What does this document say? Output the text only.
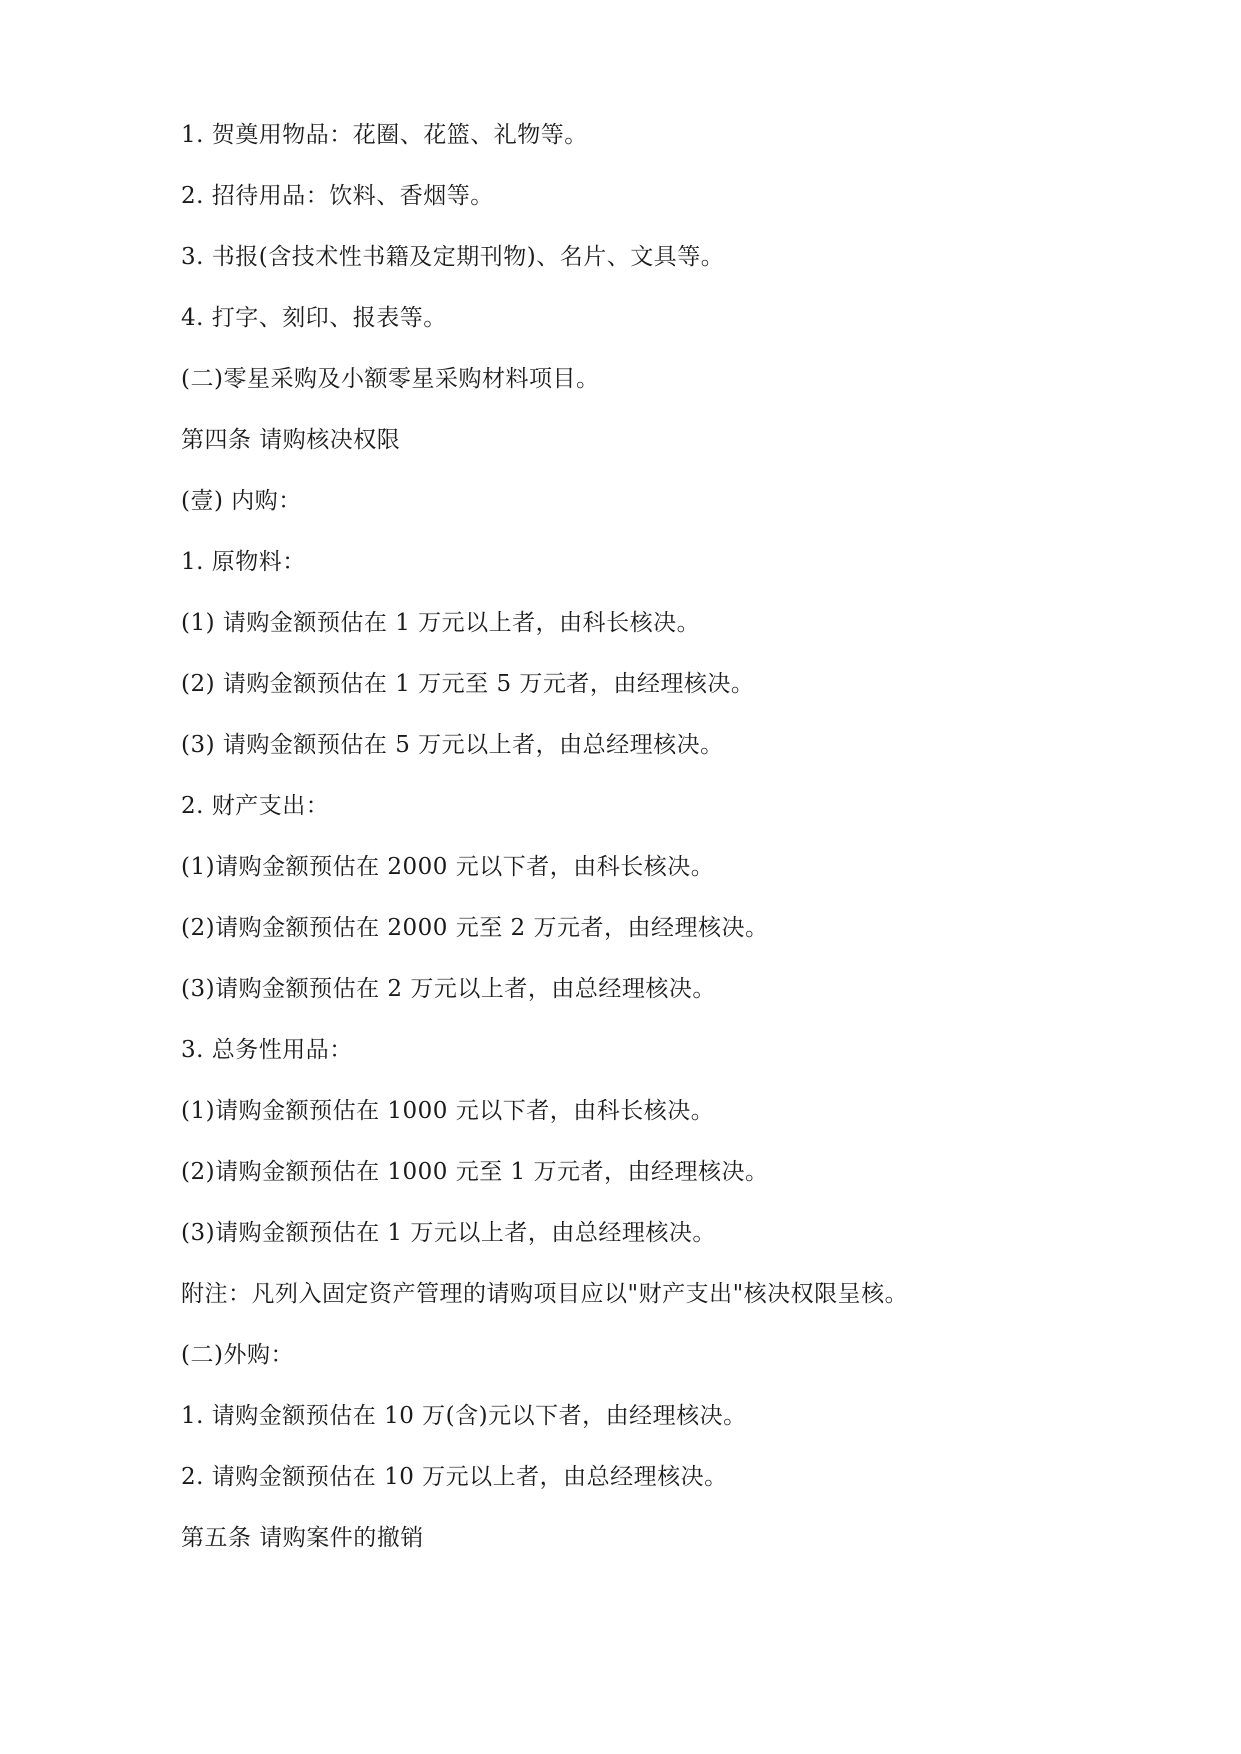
1. 贺奠用物品：花圈、花篮、礼物等。
2. 招待用品：饮料、香烟等。
3. 书报(含技术性书籍及定期刊物)、名片、文具等。
4. 打字、刻印、报表等。
(二)零星采购及小额零星采购材料项目。
第四条 请购核决权限
(壹) 内购：
1. 原物料：
(1) 请购金额预估在 1 万元以上者，由科长核决。
(2) 请购金额预估在 1 万元至 5 万元者，由经理核决。
(3) 请购金额预估在 5 万元以上者，由总经理核决。
2. 财产支出：
(1)请购金额预估在 2000 元以下者，由科长核决。
(2)请购金额预估在 2000 元至 2 万元者，由经理核决。
(3)请购金额预估在 2 万元以上者，由总经理核决。
3. 总务性用品：
(1)请购金额预估在 1000 元以下者，由科长核决。
(2)请购金额预估在 1000 元至 1 万元者，由经理核决。
(3)请购金额预估在 1 万元以上者，由总经理核决。
附注：凡列入固定资产管理的请购项目应以"财产支出"核决权限呈核。
(二)外购：
1. 请购金额预估在 10 万(含)元以下者，由经理核决。
2. 请购金额预估在 10 万元以上者，由总经理核决。
第五条 请购案件的撤销
